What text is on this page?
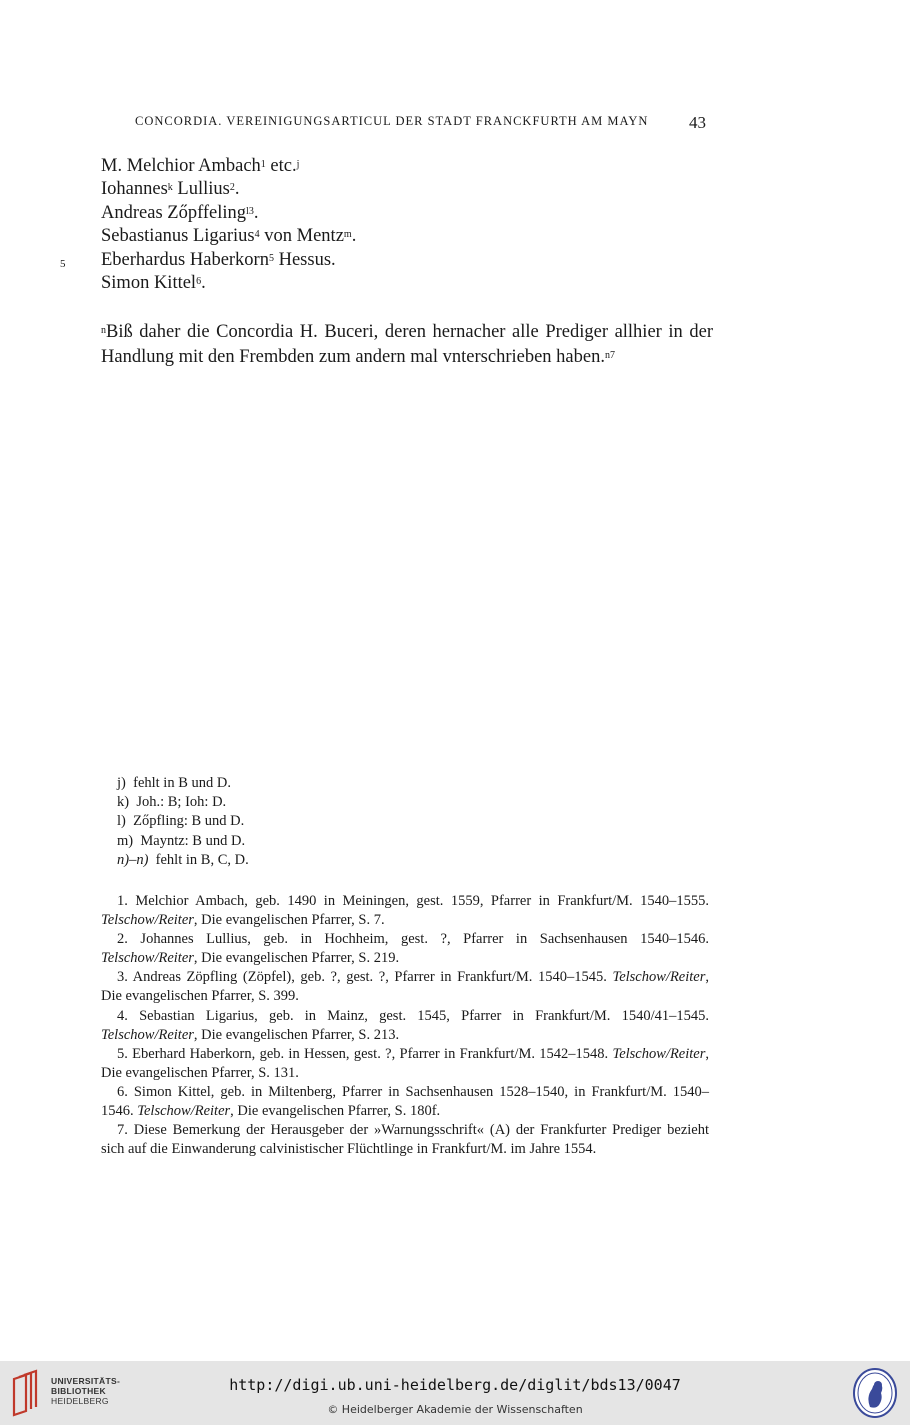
CONCORDIA. VEREINIGUNGSARTICUL DER STADT FRANCKFURTH AM MAYN	43
M. Melchior Ambach$^1$ etc.$^j$
Iohannes$^k$ Lullius$^2$.
Andreas Zőpffeling$^{l3}$.
Sebastianus Ligarius$^4$ von Mentz$^m$.
Eberhardus Haberkorn$^5$ Hessus.
Simon Kittel$^6$.
5
$^n$Biß daher die Concordia H. Buceri, deren hernacher alle Prediger allhier in der Handlung mit den Frembden zum andern mal vnterschrieben haben.$^{n7}$
j) fehlt in B und D.
k) Joh.: B; Ioh: D.
l) Zőpfling: B und D.
m) Mayntz: B und D.
n)–n) fehlt in B, C, D.

1. Melchior Ambach, geb. 1490 in Meiningen, gest. 1559, Pfarrer in Frankfurt/M. 1540–1555. Telschow/Reiter, Die evangelischen Pfarrer, S. 7.

2. Johannes Lullius, geb. in Hochheim, gest. ?, Pfarrer in Sachsenhausen 1540–1546. Telschow/Reiter, Die evangelischen Pfarrer, S. 219.

3. Andreas Zöpfling (Zöpfel), geb. ?, gest. ?, Pfarrer in Frankfurt/M. 1540–1545. Telschow/Reiter, Die evangelischen Pfarrer, S. 399.

4. Sebastian Ligarius, geb. in Mainz, gest. 1545, Pfarrer in Frankfurt/M. 1540/41–1545. Telschow/Reiter, Die evangelischen Pfarrer, S. 213.

5. Eberhard Haberkorn, geb. in Hessen, gest. ?, Pfarrer in Frankfurt/M. 1542–1548. Telschow/Reiter, Die evangelischen Pfarrer, S. 131.

6. Simon Kittel, geb. in Miltenberg, Pfarrer in Sachsenhausen 1528–1540, in Frankfurt/M. 1540–1546. Telschow/Reiter, Die evangelischen Pfarrer, S. 180f.

7. Diese Bemerkung der Herausgeber der »Warnungsschrift« (A) der Frankfurter Prediger bezieht sich auf die Einwanderung calvinistischer Flüchtlinge in Frankfurt/M. im Jahre 1554.

UNIVERSITÄTS-
BIBLIOTHEK
HEIDELBERG
http://digi.ub.uni-heidelberg.de/diglit/bds13/0047
© Heidelberger Akademie der Wissenschaften
